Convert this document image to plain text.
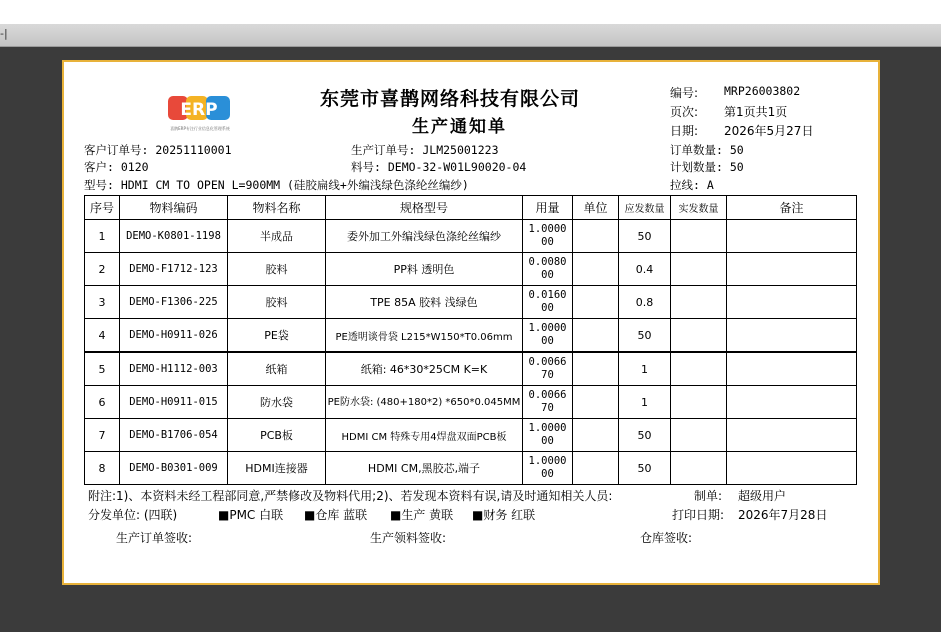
-|
ERP
喜鹊ERP专注行业信息化管理系统
东莞市喜鹊网络科技有限公司
生产通知单
编号: MRP26003802
页次: 第1页共1页
日期: 2026年5月27日
客户订单号: 20251110001	生产订单号: JLM25001223	订单数量: 50
客户: 0120	料号: DEMO-32-W01L90020-04	计划数量: 50
型号: HDMI CM TO OPEN L=900MM (硅胶扁线+外编浅绿色涤纶丝编纱)	拉线: A
序号	物料编码	物料名称	规格型号	用量	单位	应发数量	实发数量	备注
1	DEMO-K0801-1198	半成品	委外加工外编浅绿色涤纶丝编纱	1.0000 00		50		
2	DEMO-F1712-123	胶料	PP料 透明色	0.0080 00		0.4		
3	DEMO-F1306-225	胶料	TPE 85A 胶料 浅绿色	0.0160 00		0.8		
4	DEMO-H0911-026	PE袋	PE透明谈骨袋 L215*W150*T0.06mm	1.0000 00		50		
5	DEMO-H1112-003	纸箱	纸箱: 46*30*25CM K=K	0.0066 70		1		
6	DEMO-H0911-015	防水袋	PE防水袋: (480+180*2) *650*0.045MM	0.0066 70		1		
7	DEMO-B1706-054	PCB板	HDMI CM 特殊专用4焊盘双面PCB板	1.0000 00		50		
8	DEMO-B0301-009	HDMI连接器	HDMI CM,黑胶芯,端子	1.0000 00		50		
附注:1)、本资料未经工程部同意,严禁修改及物料代用;2)、若发现本资料有误,请及时通知相关人员:	制单: 超级用户
分发单位: (四联)	■PMC 白联 ■仓库 蓝联 ■生产 黄联 ■财务 红联	打印日期: 2026年7月28日
生产订单签收:	生产领料签收:	仓库签收:
